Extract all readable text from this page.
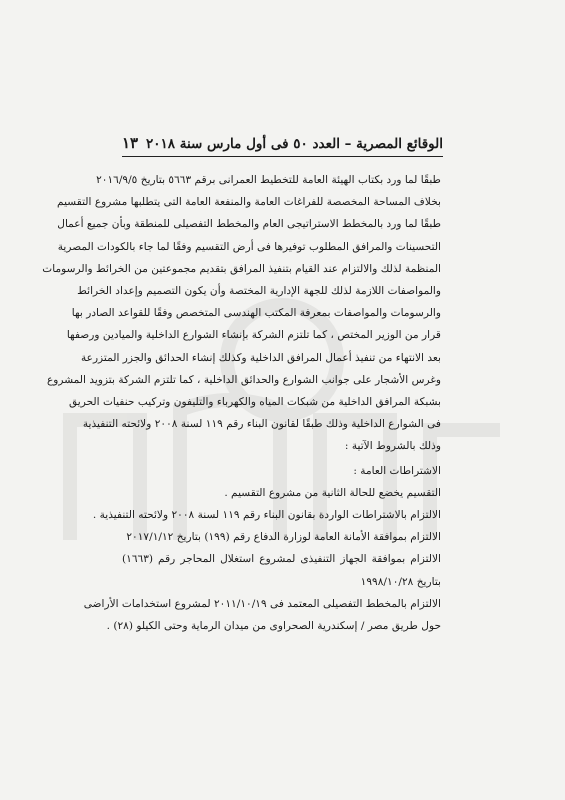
الوقائع المصرية – العدد ٥٠ فى أول مارس سنة ٢٠١٨
١٣
طبقًا لما ورد بكتاب الهيئة العامة للتخطيط العمرانى برقم ٥٦٦٣ بتاريخ ٢٠١٦/٩/٥
بخلاف المساحة المخصصة للفراغات العامة والمنفعة العامة التى يتطلبها مشروع التقسيم
طبقًا لما ورد بالمخطط الاستراتيجى العام والمخطط التفصيلى للمنطقة وبأن جميع أعمال
التحسينات والمرافق المطلوب توفيرها فى أرض التقسيم وفقًا لما جاء بالكودات المصرية
المنظمة لذلك والالتزام عند القيام بتنفيذ المرافق بتقديم مجموعتين من الخرائط والرسومات
والمواصفات اللازمة لذلك للجهة الإدارية المختصة وأن يكون التصميم وإعداد الخرائط
والرسومات والمواصفات بمعرفة المكتب الهندسى المتخصص وفقًا للقواعد الصادر بها
قرار من الوزير المختص ، كما تلتزم الشركة بإنشاء الشوارع الداخلية والميادين ورصفها
بعد الانتهاء من تنفيذ أعمال المرافق الداخلية وكذلك إنشاء الحدائق والجزر المتزرعة
وغرس الأشجار على جوانب الشوارع والحدائق الداخلية ، كما تلتزم الشركة بتزويد المشروع
بشبكة المرافق الداخلية من شبكات المياه والكهرباء والتليفون وتركيب حنفيات الحريق
فى الشوارع الداخلية وذلك طبقًا لقانون البناء رقم ١١٩ لسنة ٢٠٠٨ ولائحته التنفيذية
وذلك بالشروط الآتية :
الاشتراطات العامة :
التقسيم يخضع للحالة الثانية من مشروع التقسيم .
الالتزام بالاشتراطات الواردة بقانون البناء رقم ١١٩ لسنة ٢٠٠٨ ولائحته التنفيذية .
الالتزام بموافقة الأمانة العامة لوزارة الدفاع رقم (١٩٩) بتاريخ ٢٠١٧/١/١٢
الالتزام بموافقة الجهاز التنفيذى لمشروع استغلال المحاجر رقم (١٦٦٣)
بتاريخ ١٩٩٨/١٠/٢٨
الالتزام بالمخطط التفصيلى المعتمد فى ٢٠١١/١٠/١٩ لمشروع استخدامات الأراضى
حول طريق مصر / إسكندرية الصحراوى من ميدان الرماية وحتى الكيلو (٢٨) .
